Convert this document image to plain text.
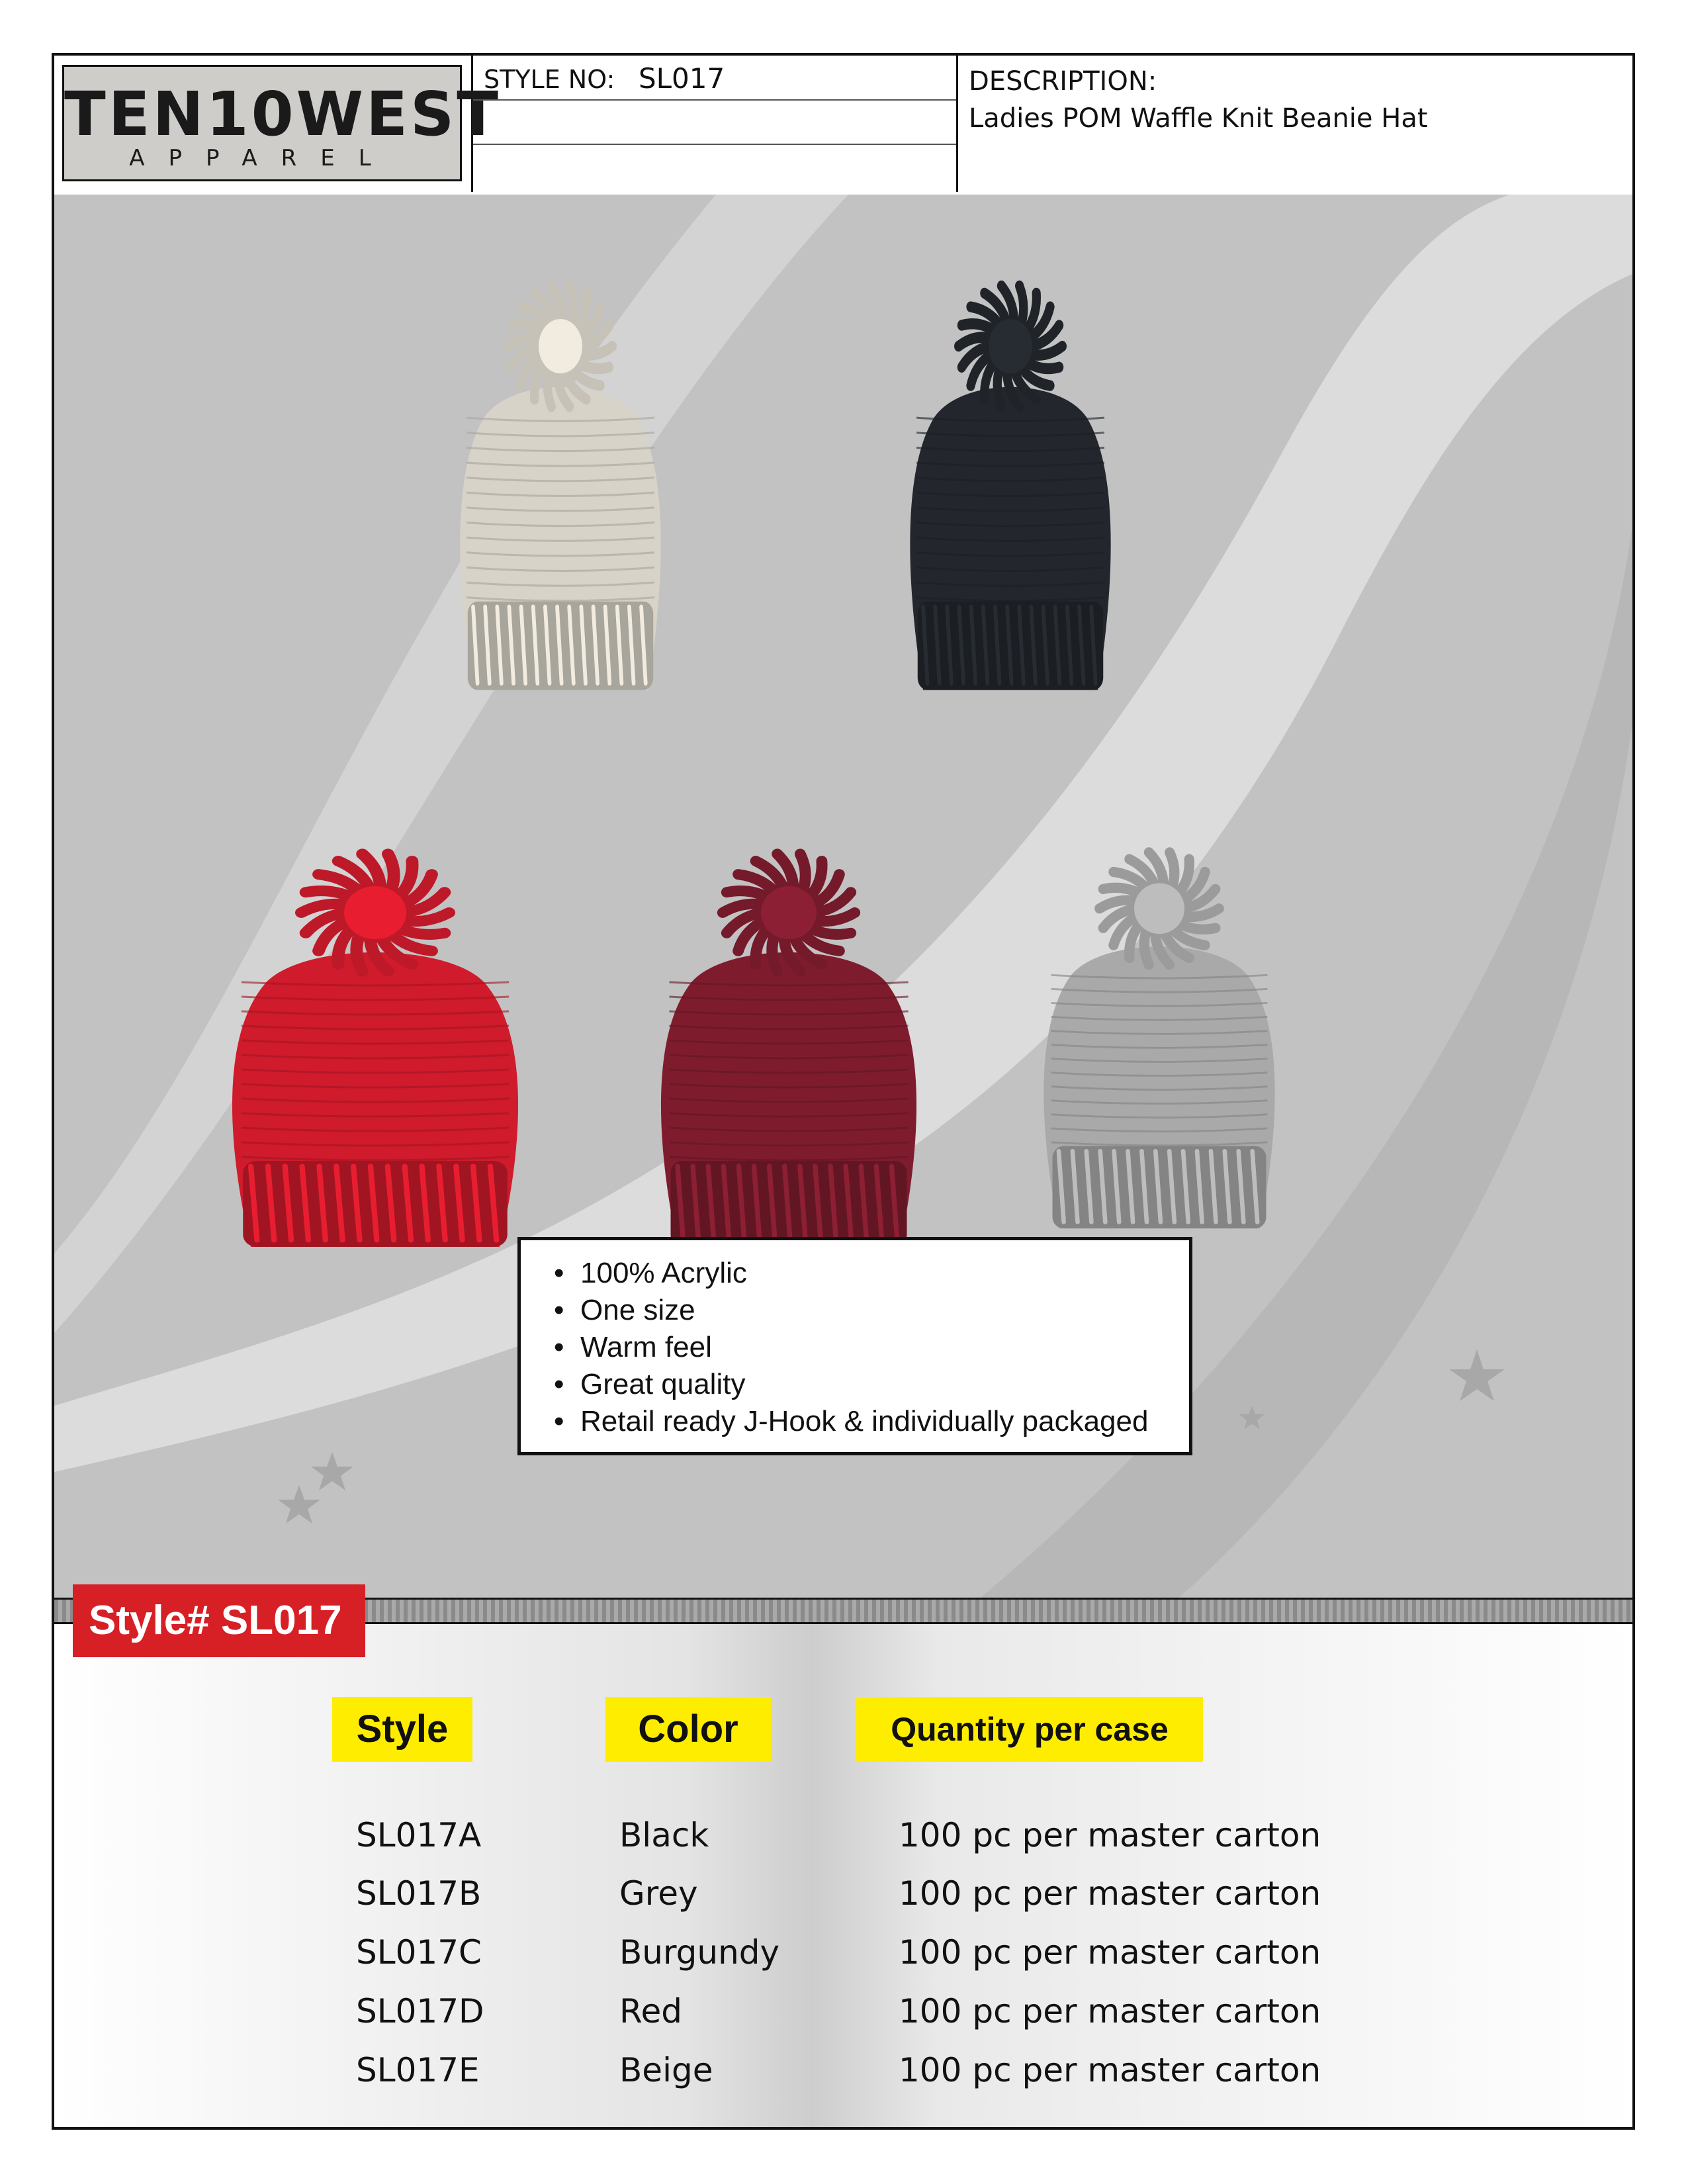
TEN10WEST
APPAREL
STYLE NO: SL017	DESCRIPTION:
Ladies POM Waffle Knit Beanie Hat
• 100% Acrylic
• One size
• Warm feel
• Great quality
• Retail ready J-Hook & individually packaged
Style# SL017
Style	Color	Quantity per case
SL017A	Black	100 pc per master carton
SL017B	Grey	100 pc per master carton
SL017C	Burgundy	100 pc per master carton
SL017D	Red	100 pc per master carton
SL017E	Beige	100 pc per master carton
